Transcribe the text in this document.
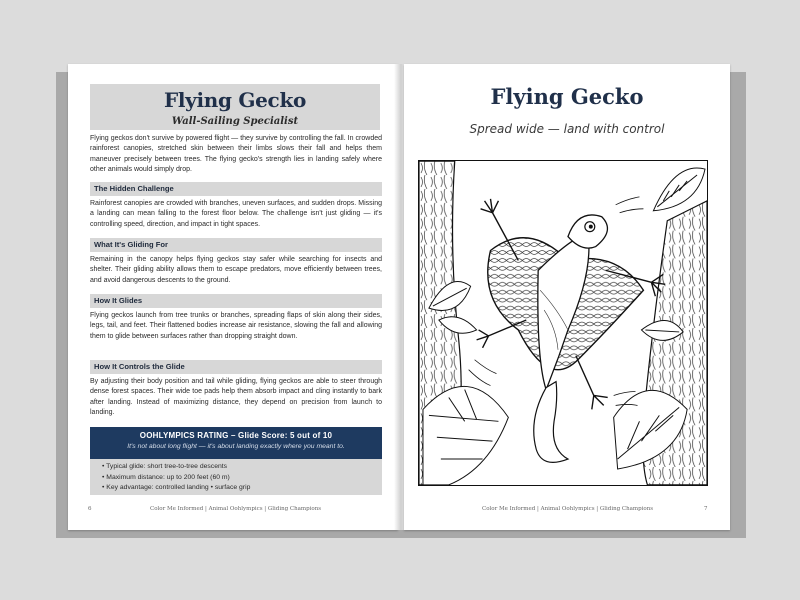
Flying Gecko
Wall-Sailing Specialist

Flying geckos don't survive by powered flight — they survive by controlling the fall. In crowded rainforest canopies, stretched skin between their limbs slows their fall and helps them maneuver precisely between trees. The flying gecko's strength lies in landing safely where other animals would simply drop.

The Hidden Challenge

Rainforest canopies are crowded with branches, uneven surfaces, and sudden drops. Missing a landing can mean falling to the forest floor below. The challenge isn't just gliding — it's controlling speed, direction, and impact in tight spaces.

What It's Gliding For

Remaining in the canopy helps flying geckos stay safer while searching for insects and shelter. Their gliding ability allows them to escape predators, move efficiently between trees, and avoid dangerous descents to the ground.

How It Glides

Flying geckos launch from tree trunks or branches, spreading flaps of skin along their sides, legs, tail, and feet. Their flattened bodies increase air resistance, slowing the fall and allowing them to glide between surfaces rather than dropping straight down.

How It Controls the Glide

By adjusting their body position and tail while gliding, flying geckos are able to steer through dense forest spaces. Their wide toe pads help them absorb impact and cling instantly to bark after landing. Instead of maximizing distance, they depend on precision from launch to landing.

OOHLYMPICS RATING – Glide Score: 5 out of 10
It's not about long flight — it's about landing exactly where you meant to.
• Typical glide: short tree-to-tree descents
• Maximum distance: up to 200 feet (60 m)
• Key advantage: controlled landing • surface grip
6	Color Me Informed | Animal Oohlympics | Gliding Champions
Flying Gecko
Spread wide — land with control
Color Me Informed | Animal Oohlympics | Gliding Champions	7
